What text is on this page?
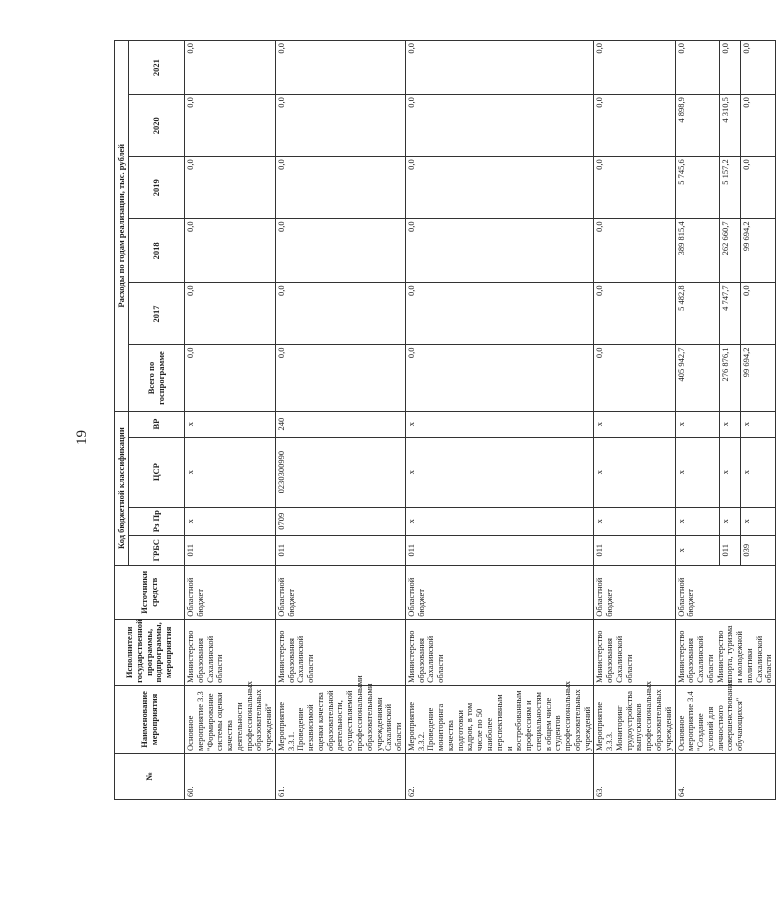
19
№	Наименование мероприятия	Исполнители государственной программы, подпрограммы, мероприятия	Источники средств	Код бюджетной классификации				Расходы по годам реализации, тыс. рублей					
				ГРБС	Рз Пр	ЦСР	ВР	Всего по госпрограмме	2017	2018	2019	2020	2021
60.	Основное мероприятие 3.3 "Формирование системы оценки качества деятельности профессиональных образовательных учреждений"	Министерство образования Сахалинской области	Областной бюджет	011	x	x	x	0,0	0,0	0,0	0,0	0,0	0,0
61.	Мероприятие 3.3.1. Проведение независимой оценки качества образовательной деятельности, осуществляемой профессиональными образовательными учреждениями Сахалинской области	Министерство образования Сахалинской области	Областной бюджет	011	0709	0230300990	240	0,0	0,0	0,0	0,0	0,0	0,0
62.	Мероприятие 3.3.2. Проведение мониторинга качества подготовки кадров, в том числе по 50 наиболее перспективным и востребованным профессиям и специальностям в общем числе студентов профессиональных образовательных учреждений	Министерство образования Сахалинской области	Областной бюджет	011	x	x	x	0,0	0,0	0,0	0,0	0,0	0,0
63.	Мероприятие 3.3.3. Мониторинг трудоустройства выпускников профессиональных образовательных учреждений	Министерство образования Сахалинской области	Областной бюджет	011	x	x	x	0,0	0,0	0,0	0,0	0,0	0,0
64.	Основное мероприятие 3.4 "Создание условий для личностного совершенствования обучающихся"	Министерство образования Сахалинской области Министерство спорта, туризма и молодежной политики Сахалинской области	Областной бюджет	x	x	x	x	405 942,7	5 482,8	389 815,4	5 745,6	4 898,9	0,0
				011	x	x	x	276 876,1	4 747,7	262 660,7	5 157,2	4 310,5	0,0
				039	x	x	x	99 694,2	0,0	99 694,2	0,0	0,0	0,0
